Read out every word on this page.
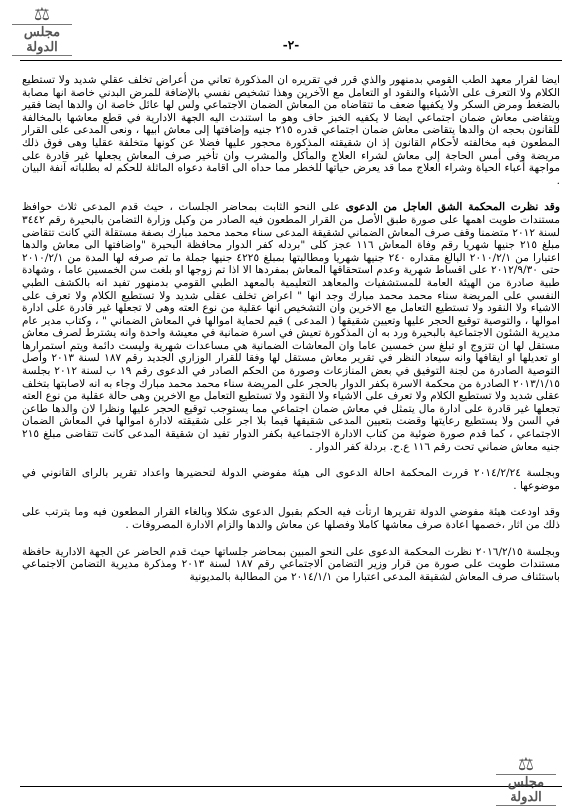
⚖
مجلس الدولة	-٢-

ايضا لقرار معهد الطب القومي بدمنهور والذي قرر في تقريره ان المذكورة تعاني من أعراض تخلف عقلي شديد ولا تستطيع الكلام ولا التعرف على الأشياء والنقود او التعامل مع الآخرين وهذا تشخيص نفسي بالإضافة للمرض البدني خاصة انها مصابة بالضغط ومرض السكر ولا يكفيها ضعف ما تتقاضاه من المعاش الضمان الاجتماعي ولس لها عائل خاصة ان والدها ايضا فقير ويتقاضى معاش ضمان اجتماعي ايضا لا يكفيه الخبز حاف وهو ما استندت اليه الجهة الادارية في قطع معاشها بالمخالفة للقانون بحجه ان والدها يتقاضى معاش ضمان اجتماعي قدره ٢١٥ جنيه وإضافتها إلى معاش ابيها ، ونعى المدعى على القرار المطعون فيه مخالفته لأحكام القانون إذ ان شقيقته المذكورة محجور عليها فضلا عن كونها متخلفة عقليا وهى فوق ذلك مريضة وفى أمس الحاجة إلى معاش لشراء العلاج والمأكل والمشرب وان تأخير صرف المعاش يجعلها غير قادرة على مواجهة أعباء الحياة وشراء العلاج مما قد يعرض حياتها للخطر مما حداه الى اقامة دعواه الماثلة للحكم له بطلباته آنفة البيان .

وقد نظرت المحكمة الشق العاجل من الدعوى على النحو الثابت بمحاضر الجلسات ، حيث قدم المدعى ثلاث حوافظ مستندات طويت اهمها على صورة طبق الأصل من القرار المطعون فيه الصادر من وكيل وزارة التضامن بالبحيرة رقم ٣٤٤٢ لسنة ٢٠١٢ متضمنا وقف صرف المعاش الضماني لشقيقة المدعى سناء محمد محمد مبارك بصفة مستقلة التي كانت تتقاضى مبلغ ٢١٥ جنيها شهريا رقم وفاة المعاش ١١٦ عجز كلى "بردله كفر الدوار محافظة البحيرة "واضافتها الى معاش والدها اعتبارا من ٢٠١٠/٢/١ البالغ مقداره ٢٤٠ جنيها شهريا ومطالبتها بمبلغ ٤٢٢٥ جنيها جملة ما تم صرفه لها المدة من ٢٠١٠/٢/١ حتى ٢٠١٢/٩/٣٠ على اقساط شهرية وعدم استحقاقها المعاش بمفردها الا اذا تم زوجها او بلغت سن الخمسين عاما ، وشهادة طبية صادرة من الهيئة العامة للمستشفيات والمعاهد التعليمية بالمعهد الطبي القومي بدمنهور تفيد انه بالكشف الطبي النفسي على المريضة سناء محمد محمد مبارك وجد انها " اعراض تخلف عقلى شديد ولا تستطيع الكلام ولا تعرف على الاشياء ولا النقود ولا تستطيع التعامل مع الاخرين وان التشخيص انها عقلية من نوع العته وهى لا تجعلها غير قادرة على ادارة اموالها ، والتوصية توقيع الحجر عليها وتعيين شقيقها ( المدعى ) قيم لحماية اموالها في المعاش الضماني " ، وكتاب مدير عام مديرية الشئون الاجتماعية بالبحيرة ورد به ان المذكورة تعيش في اسرة ضمانية في معيشة واحدة وانه يشترط لصرف معاش مستقل لها ان تتزوج او تبلغ سن خمسين عاما وان المعاشات الضمانية هي مساعدات شهرية وليست دائمة ويتم استمرارها او تعديلها او ايقافها وانه سيعاد النظر في تقرير معاش مستقل لها وفقا للقرار الوزاري الجديد رقم ١٨٧ لسنة ٢٠١٣ وأصل التوصية الصادرة من لجنة التوفيق في بعض المنازعات وصورة من الحكم الصادر في الدعوى رقم ١٩ ب لسنة ٢٠١٢ بجلسة ٢٠١٣/١/١٥ الصادرة من محكمة الاسرة بكفر الدوار بالحجر على المريضة سناء محمد محمد مبارك وجاء به انه لاصابتها بتخلف عقلى شديد ولا تستطيع الكلام ولا تعرف على الاشياء ولا النقود ولا تستطيع التعامل مع الاخرين وهى حالة عقلية من نوع العته تجعلها غير قادرة على ادارة مال يتمثل في معاش ضمان اجتماعي مما يستوجب توقيع الحجر عليها ونظرا لان والدها طاعن في السن ولا يستطيع رعايتها وقضت بتعيين المدعى شقيقها قيما بلا اجر على شقيقته لادارة اموالها في المعاش الضمان الاجتماعي ، كما قدم صورة ضوئية من كتاب الادارة الاجتماعية بكفر الدوار تفيد ان شقيقة المدعى كانت تتقاضى مبلغ ٢١٥ جنيه معاش ضماني تحت رقم ١١٦ ع.ح. بردلة كفر الدوار .

وبجلسة ٢٠١٤/٢/٢٤ قررت المحكمة احالة الدعوى الى هيئة مفوضي الدولة لتحضيرها واعداد تقرير بالراى القانوني في موضوعها .

وقد اودعت هيئة مفوضي الدولة تقريرها ارتأت فيه الحكم بقبول الدعوى شكلا وبالغاء القرار المطعون فيه وما يترتب على ذلك من اثار ،خصمها اعادة صرف معاشها كاملا وفصلها عن معاش والدها والزام الادارة المصروفات .

وبجلسة ٢٠١٦/٢/١٥ نظرت المحكمة الدعوى على النحو المبين بمحاضر جلساتها حيث قدم الحاضر عن الجهة الادارية حافظة مستندات طويت على صورة من قرار وزير التضامن الاجتماعي رقم ١٨٧ لسنة ٢٠١٣ ومذكرة مديرية التضامن الاجتماعي باستئناف صرف المعاش لشقيقة المدعى اعتبارا من ٢٠١٤/١/١ من المطالبة بالمديونية

⚖
مجلس الدولة
